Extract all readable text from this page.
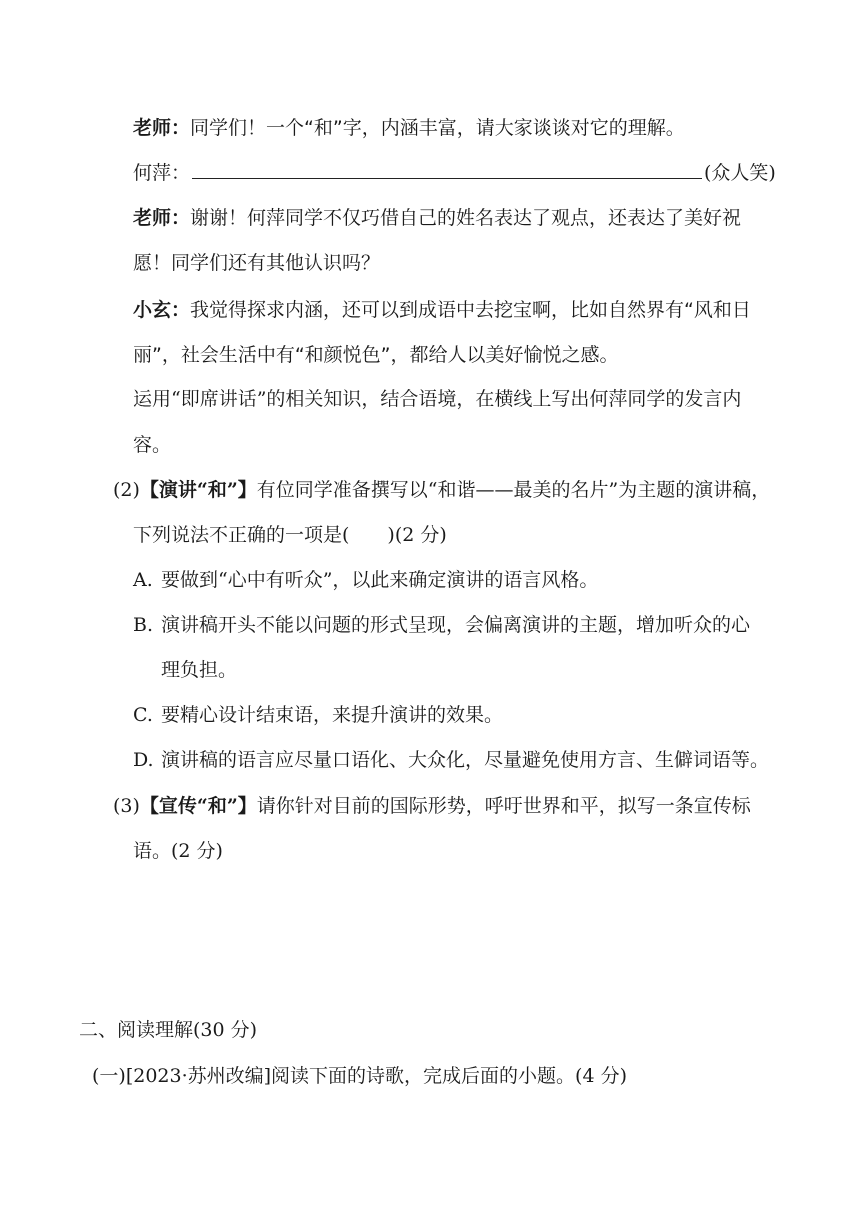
老师：同学们！一个“和”字，内涵丰富，请大家谈谈对它的理解。
何萍：	(众人笑)
老师：谢谢！何萍同学不仅巧借自己的姓名表达了观点，还表达了美好祝
愿！同学们还有其他认识吗？
小玄：我觉得探求内涵，还可以到成语中去挖宝啊，比如自然界有“风和日
丽”，社会生活中有“和颜悦色”，都给人以美好愉悦之感。
运用“即席讲话”的相关知识，结合语境，在横线上写出何萍同学的发言内
容。
(2)【演讲“和”】有位同学准备撰写以“和谐——最美的名片”为主题的演讲稿，
下列说法不正确的一项是(　　)(2 分)
A. 要做到“心中有听众”，以此来确定演讲的语言风格。
B. 演讲稿开头不能以问题的形式呈现，会偏离演讲的主题，增加听众的心
理负担。
C. 要精心设计结束语，来提升演讲的效果。
D. 演讲稿的语言应尽量口语化、大众化，尽量避免使用方言、生僻词语等。
(3)【宣传“和”】请你针对目前的国际形势，呼吁世界和平，拟写一条宣传标
语。(2 分)
二、阅读理解(30 分)
(一)[2023·苏州改编]阅读下面的诗歌，完成后面的小题。(4 分)
